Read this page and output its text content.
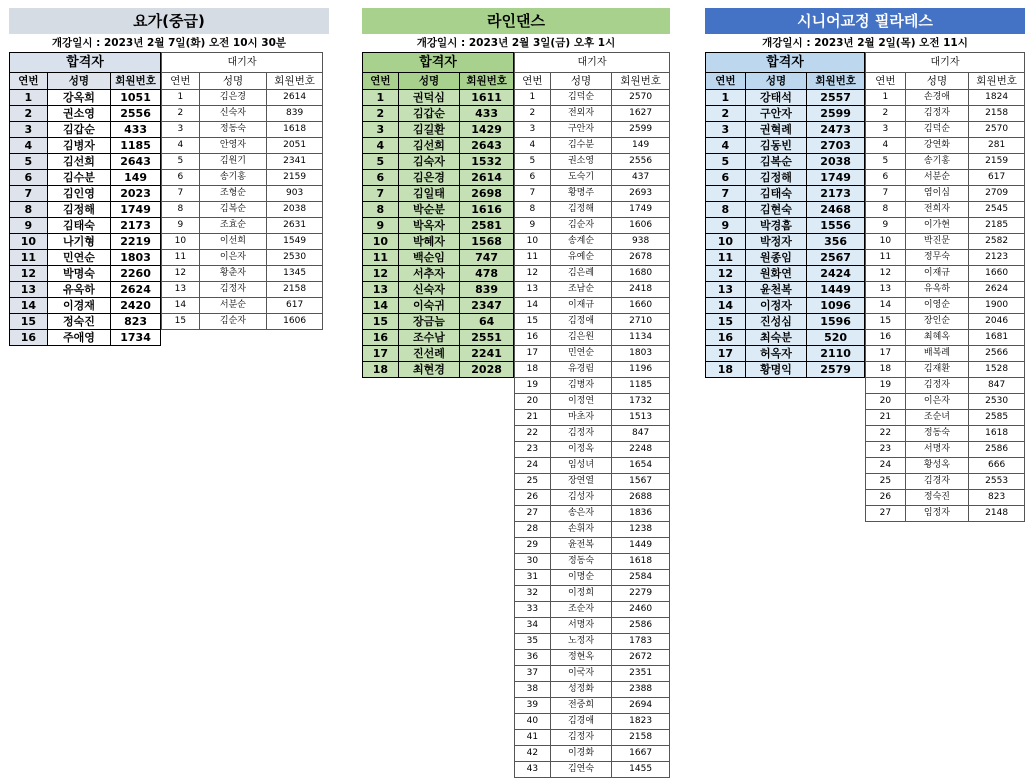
요가(중급)
개강일시 : 2023년 2월 7일(화) 오전 10시 30분
합격자		
연번	성명	회원번호
1	강옥희	1051
2	권소영	2556
3	김갑순	433
4	김병자	1185
5	김선희	2643
6	김수분	149
7	김인영	2023
8	김정해	1749
9	김태숙	2173
10	나기형	2219
11	민연순	1803
12	박명숙	2260
13	유옥하	2624
14	이경재	2420
15	정숙진	823
16	주애영	1734
대기자		
연번	성명	회원번호
1	김은경	2614
2	신숙자	839
3	정동숙	1618
4	안영자	2051
5	김원기	2341
6	송기홍	2159
7	조형순	903
8	김복순	2038
9	조효순	2631
10	이선희	1549
11	이은자	2530
12	황춘자	1345
13	김정자	2158
14	서분순	617
15	김순자	1606
라인댄스
개강일시 : 2023년 2월 3일(금) 오후 1시
합격자		
연번	성명	회원번호
1	권덕심	1611
2	김갑순	433
3	김길환	1429
4	김선희	2643
5	김숙자	1532
6	김은경	2614
7	김일태	2698
8	박순분	1616
9	박옥자	2581
10	박혜자	1568
11	백순임	747
12	서추자	478
13	신숙자	839
14	이숙귀	2347
15	장금늠	64
16	조수남	2551
17	진선례	2241
18	최현경	2028
대기자		
연번	성명	회원번호
1	김덕순	2570
2	전외자	1627
3	구안자	2599
4	김수분	149
5	권소영	2556
6	도숙기	437
7	황명주	2693
8	김정해	1749
9	김순자	1606
10	송계순	938
11	유예순	2678
12	김은례	1680
13	조남순	2418
14	이재규	1660
15	김정애	2710
16	김은원	1134
17	민연순	1803
18	유경림	1196
19	김병자	1185
20	이정연	1732
21	마초자	1513
22	김정자	847
23	이정옥	2248
24	임성녀	1654
25	장연열	1567
26	김성자	2688
27	송은자	1836
28	손휘자	1238
29	윤전복	1449
30	정동숙	1618
31	이명순	2584
32	이정희	2279
33	조순자	2460
34	서명자	2586
35	노정자	1783
36	정현옥	2672
37	이국자	2351
38	성정화	2388
39	전중희	2694
40	김경애	1823
41	김정자	2158
42	이경화	1667
43	김연숙	1455
시니어교정 필라테스
개강일시 : 2023년 2월 2일(목) 오전 11시
합격자		
연번	성명	회원번호
1	강태석	2557
2	구안자	2599
3	권혁례	2473
4	김동빈	2703
5	김복순	2038
6	김정해	1749
7	김태숙	2173
8	김현숙	2468
9	박경흠	1556
10	박정자	356
11	원종임	2567
12	원화연	2424
13	윤천복	1449
14	이정자	1096
15	진성심	1596
16	최숙분	520
17	허옥자	2110
18	황명익	2579
대기자		
연번	성명	회원번호
1	손경애	1824
2	김정자	2158
3	김덕순	2570
4	강연화	281
5	송기홍	2159
6	서분순	617
7	염이심	2709
8	전희자	2545
9	이가현	2185
10	박진문	2582
11	정무숙	2123
12	이재규	1660
13	유옥하	2624
14	이영순	1900
15	장인순	2046
16	최혜옥	1681
17	배복례	2566
18	김재환	1528
19	김정자	847
20	이은자	2530
21	조순녀	2585
22	정동숙	1618
23	서명자	2586
24	황성옥	666
25	김경자	2553
26	정숙진	823
27	임정자	2148
